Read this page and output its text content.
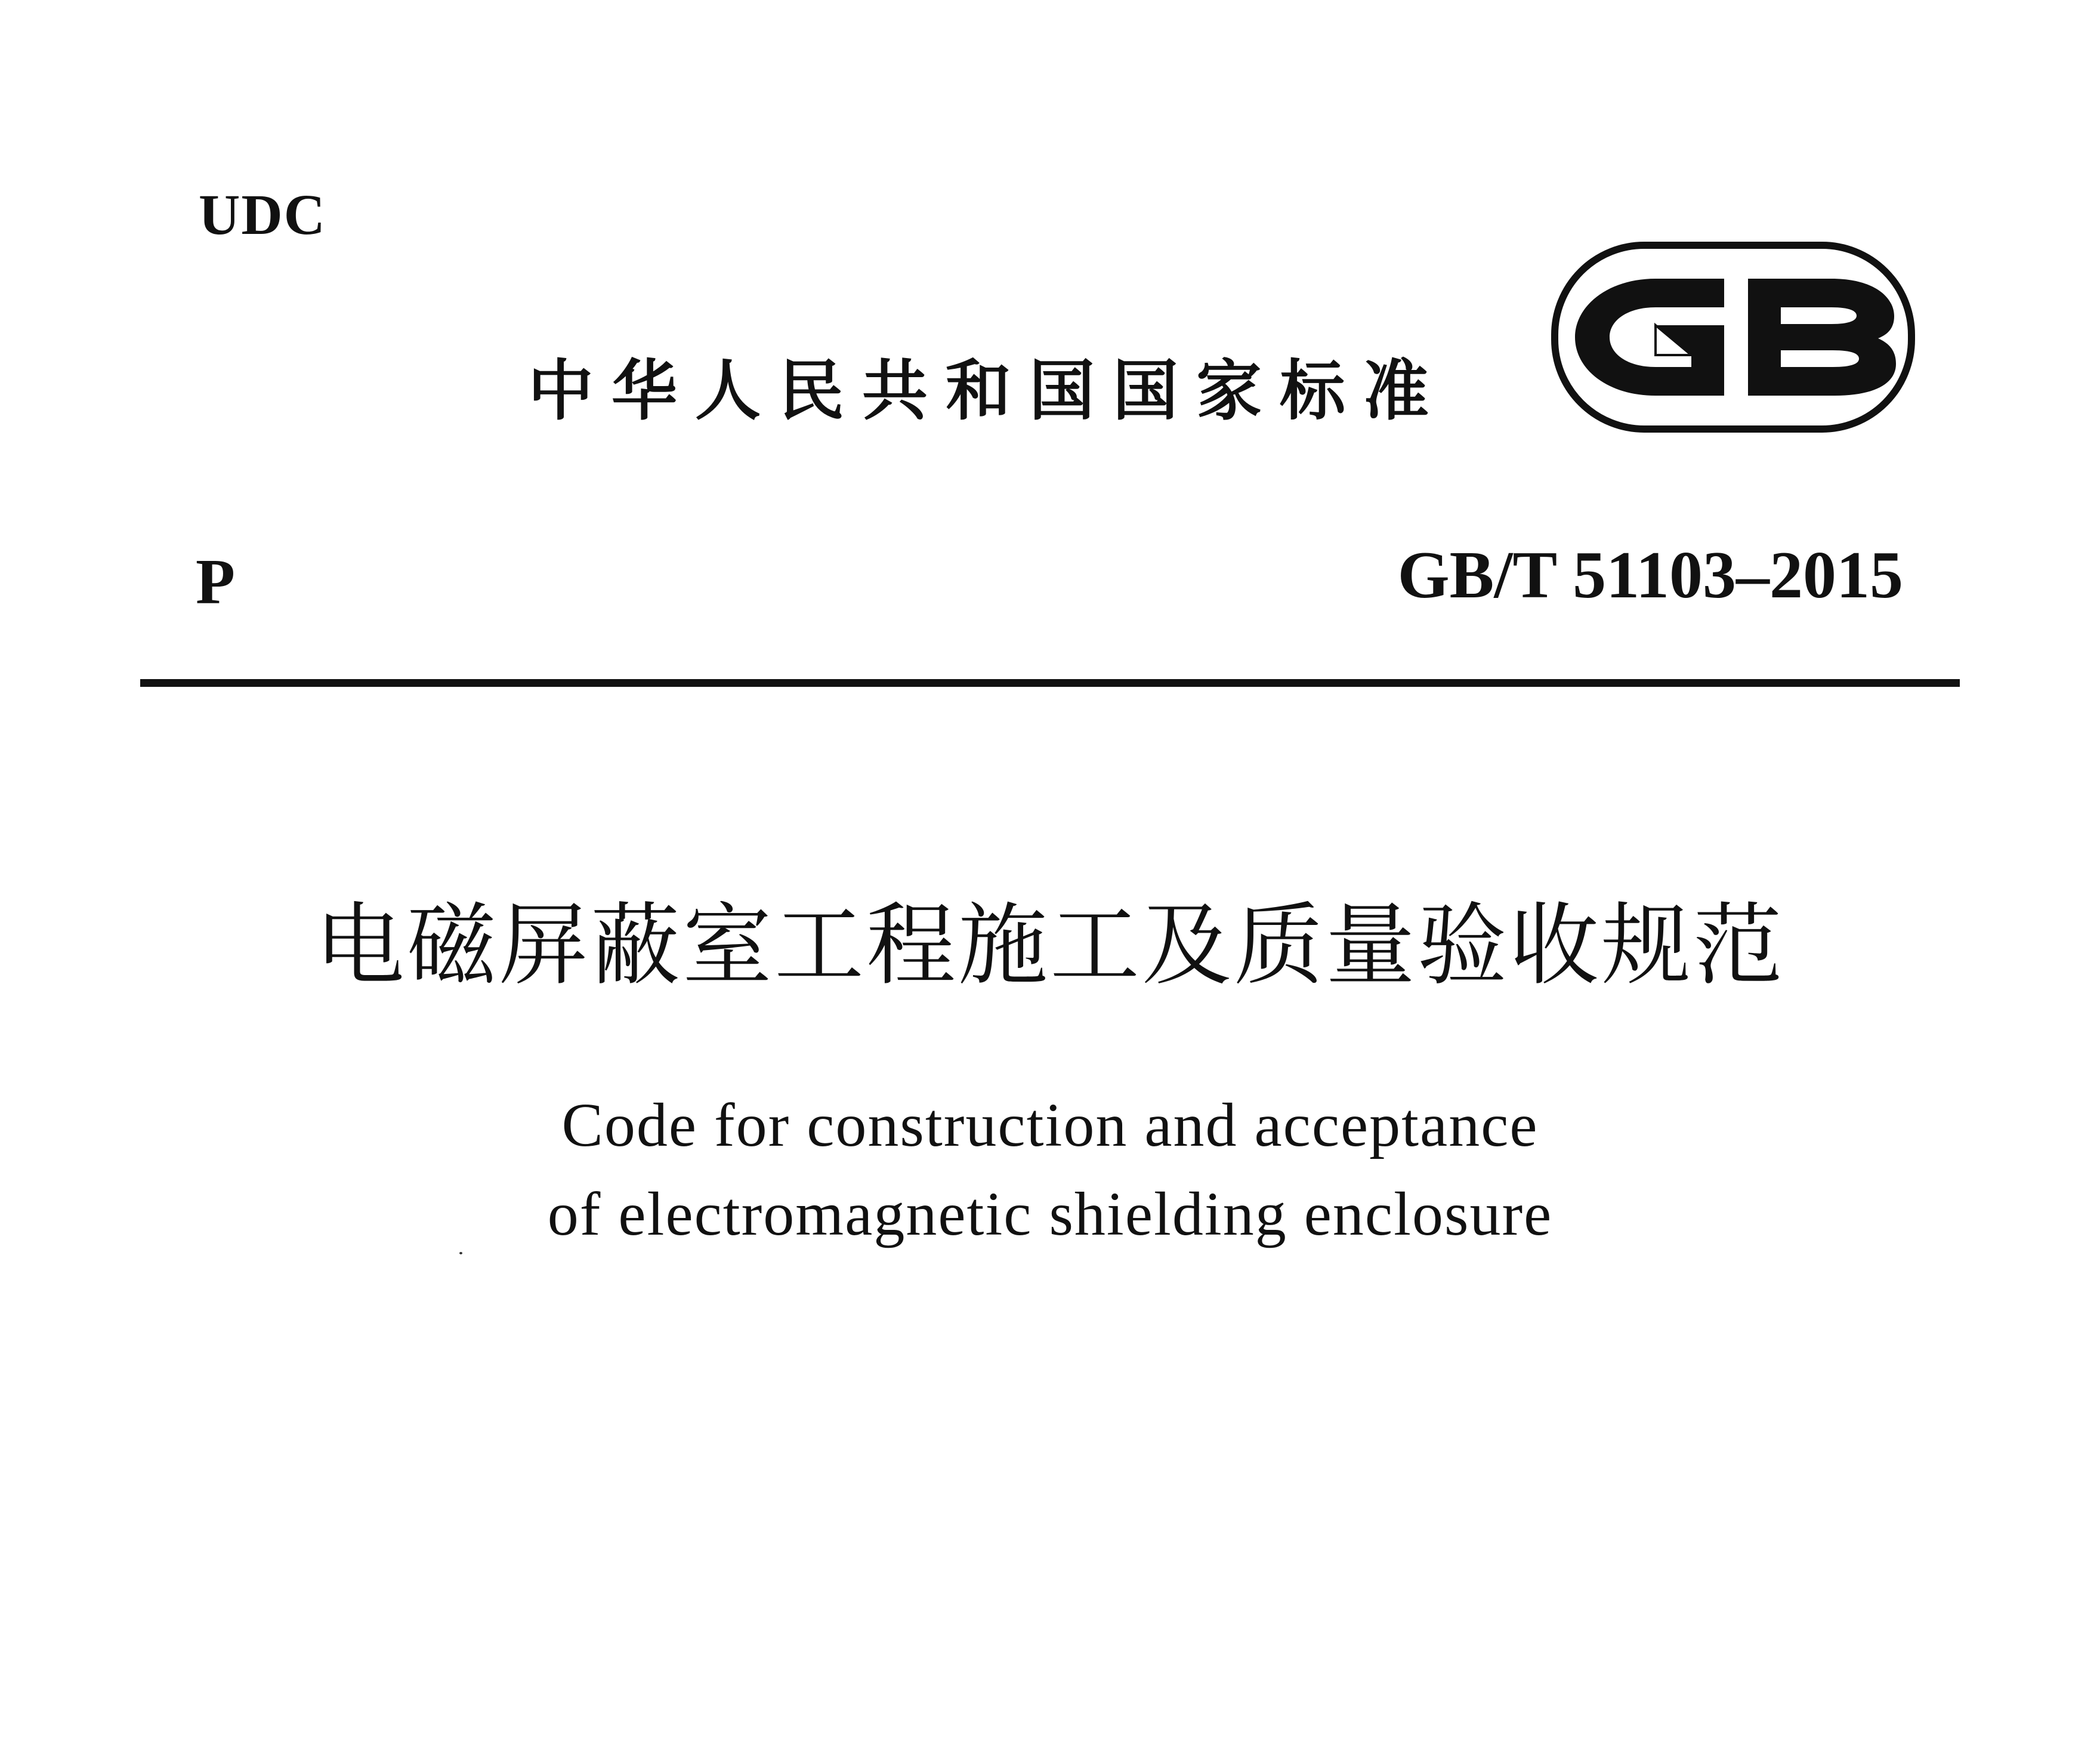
UDC
中华人民共和国国家标准
P	GB/T 51103–2015
电磁屏蔽室工程施工及质量验收规范
Code for construction and acceptance
of electromagnetic shielding enclosure
